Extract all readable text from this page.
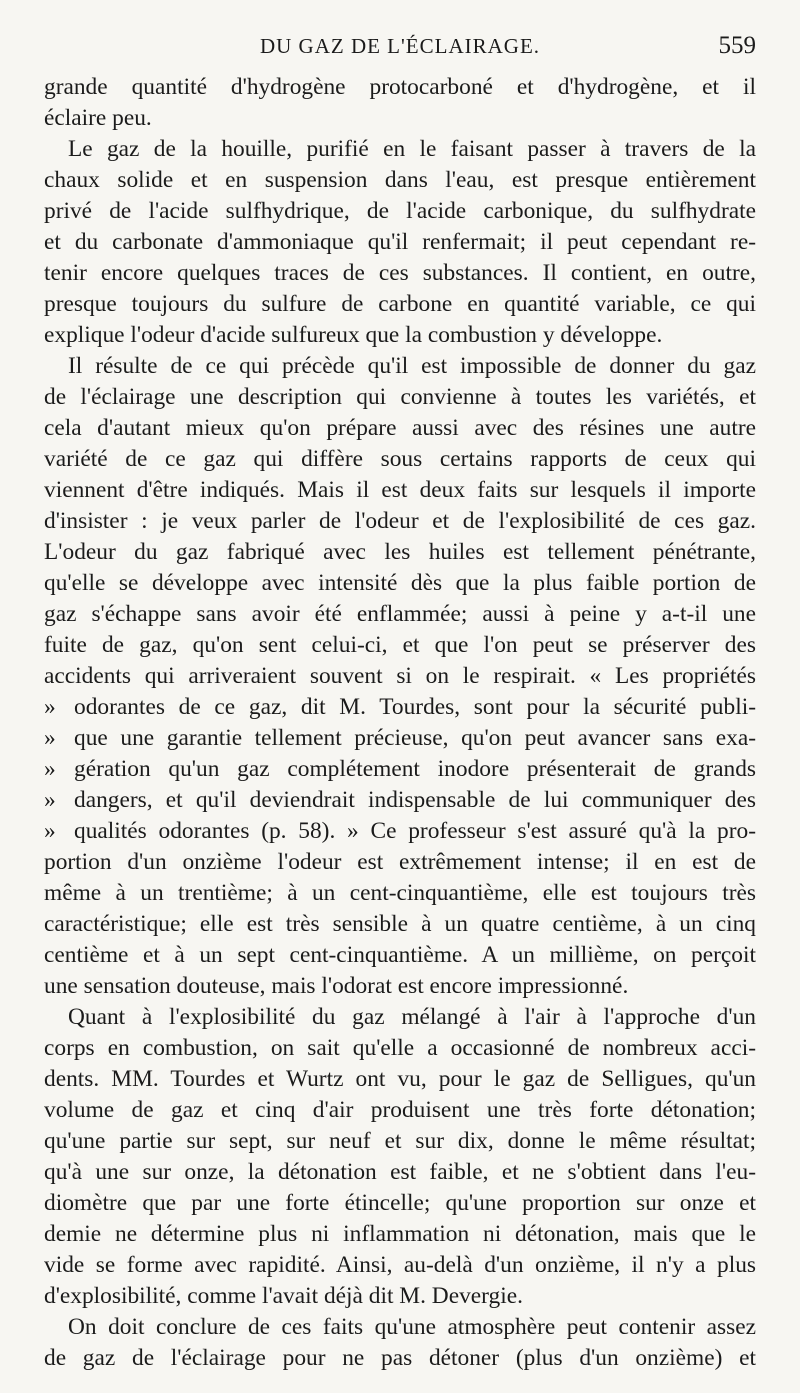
DU GAZ DE L'ÉCLAIRAGE.	559
grande quantité d'hydrogène protocarboné et d'hydrogène, et il
éclaire peu.
Le gaz de la houille, purifié en le faisant passer à travers de la
chaux solide et en suspension dans l'eau, est presque entièrement
privé de l'acide sulfhydrique, de l'acide carbonique, du sulfhydrate
et du carbonate d'ammoniaque qu'il renfermait; il peut cependant re-
tenir encore quelques traces de ces substances. Il contient, en outre,
presque toujours du sulfure de carbone en quantité variable, ce qui
explique l'odeur d'acide sulfureux que la combustion y développe.
Il résulte de ce qui précède qu'il est impossible de donner du gaz
de l'éclairage une description qui convienne à toutes les variétés, et
cela d'autant mieux qu'on prépare aussi avec des résines une autre
variété de ce gaz qui diffère sous certains rapports de ceux qui
viennent d'être indiqués. Mais il est deux faits sur lesquels il importe
d'insister : je veux parler de l'odeur et de l'explosibilité de ces gaz.
L'odeur du gaz fabriqué avec les huiles est tellement pénétrante,
qu'elle se développe avec intensité dès que la plus faible portion de
gaz s'échappe sans avoir été enflammée; aussi à peine y a-t-il une
fuite de gaz, qu'on sent celui-ci, et que l'on peut se préserver des
accidents qui arriveraient souvent si on le respirait. « Les propriétés
» odorantes de ce gaz, dit M. Tourdes, sont pour la sécurité publi-
» que une garantie tellement précieuse, qu'on peut avancer sans exa-
» gération qu'un gaz complétement inodore présenterait de grands
» dangers, et qu'il deviendrait indispensable de lui communiquer des
» qualités odorantes (p. 58). » Ce professeur s'est assuré qu'à la pro-
portion d'un onzième l'odeur est extrêmement intense; il en est de
même à un trentième; à un cent-cinquantième, elle est toujours très
caractéristique; elle est très sensible à un quatre centième, à un cinq
centième et à un sept cent-cinquantième. A un millième, on perçoit
une sensation douteuse, mais l'odorat est encore impressionné.
Quant à l'explosibilité du gaz mélangé à l'air à l'approche d'un
corps en combustion, on sait qu'elle a occasionné de nombreux acci-
dents. MM. Tourdes et Wurtz ont vu, pour le gaz de Selligues, qu'un
volume de gaz et cinq d'air produisent une très forte détonation;
qu'une partie sur sept, sur neuf et sur dix, donne le même résultat;
qu'à une sur onze, la détonation est faible, et ne s'obtient dans l'eu-
diomètre que par une forte étincelle; qu'une proportion sur onze et
demie ne détermine plus ni inflammation ni détonation, mais que le
vide se forme avec rapidité. Ainsi, au-delà d'un onzième, il n'y a plus
d'explosibilité, comme l'avait déjà dit M. Devergie.
On doit conclure de ces faits qu'une atmosphère peut contenir assez
de gaz de l'éclairage pour ne pas détoner (plus d'un onzième) et
